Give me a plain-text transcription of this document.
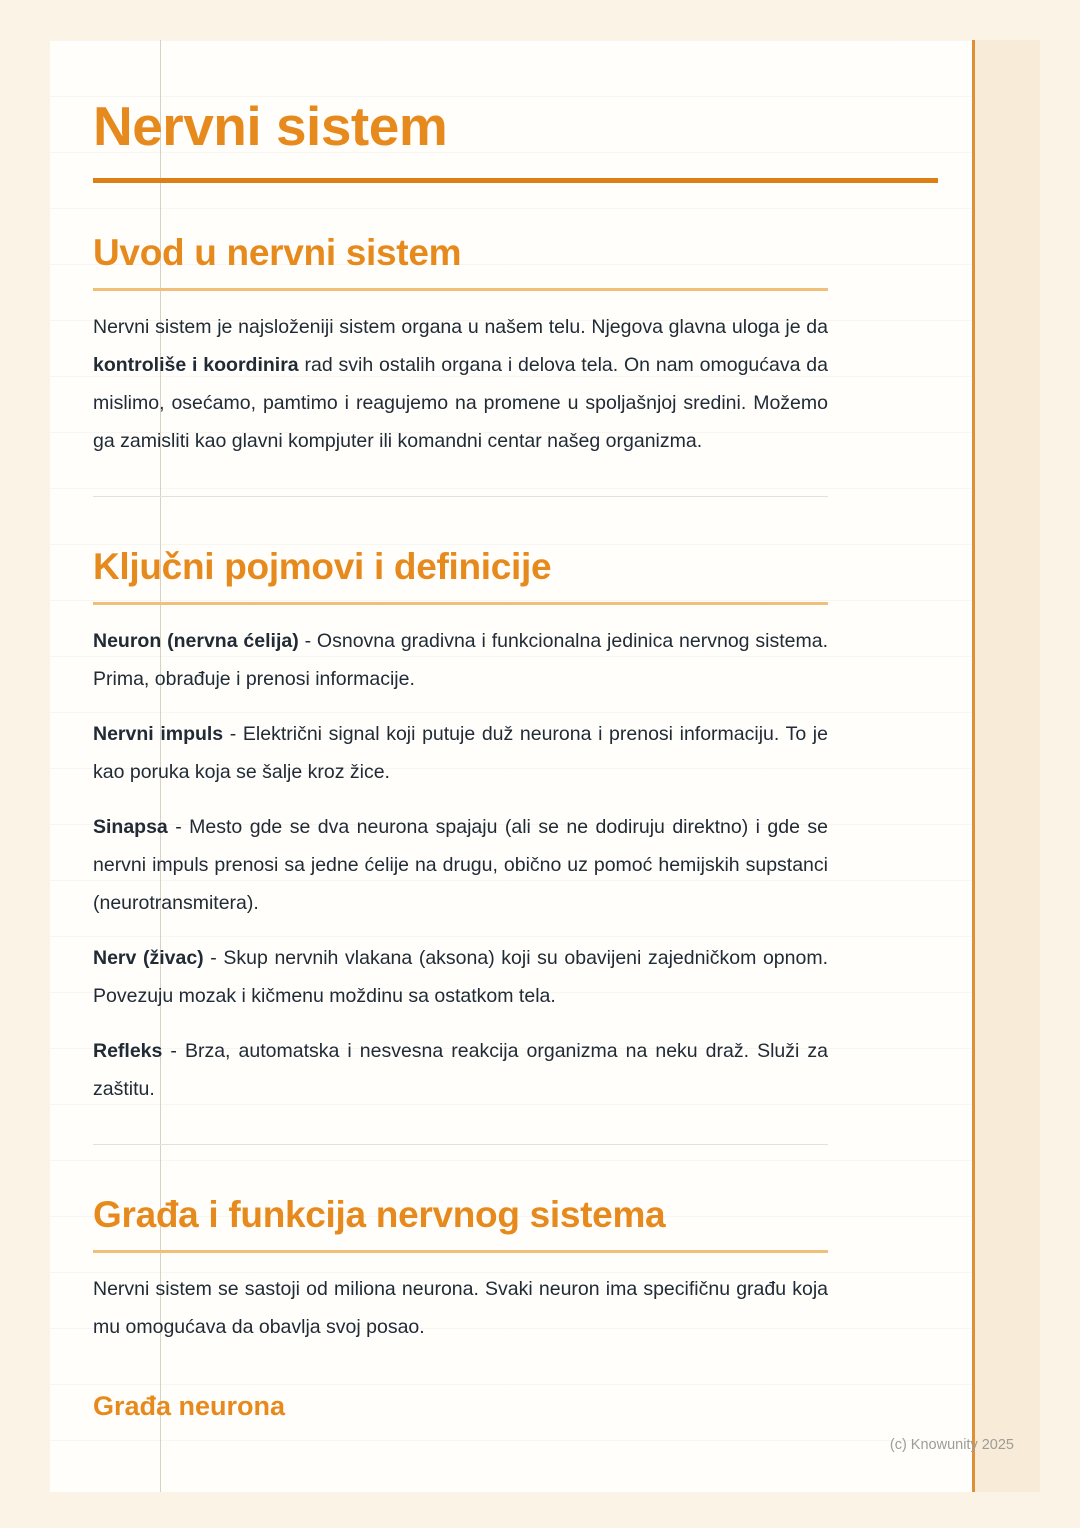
Nervni sistem
Uvod u nervni sistem

Nervni sistem je najsloženiji sistem organa u našem telu. Njegova glavna uloga je da kontroliše i koordinira rad svih ostalih organa i delova tela. On nam omogućava da mislimo, osećamo, pamtimo i reagujemo na promene u spoljašnjoj sredini. Možemo ga zamisliti kao glavni kompjuter ili komandni centar našeg organizma.

Ključni pojmovi i definicije

Neuron (nervna ćelija) - Osnovna gradivna i funkcionalna jedinica nervnog sistema. Prima, obrađuje i prenosi informacije.

Nervni impuls - Električni signal koji putuje duž neurona i prenosi informaciju. To je kao poruka koja se šalje kroz žice.

Sinapsa - Mesto gde se dva neurona spajaju (ali se ne dodiruju direktno) i gde se nervni impuls prenosi sa jedne ćelije na drugu, obično uz pomoć hemijskih supstanci (neurotransmitera).

Nerv (živac) - Skup nervnih vlakana (aksona) koji su obavijeni zajedničkom opnom. Povezuju mozak i kičmenu moždinu sa ostatkom tela.

Refleks - Brza, automatska i nesvesna reakcija organizma na neku draž. Služi za zaštitu.

Građa i funkcija nervnog sistema

Nervni sistem se sastoji od miliona neurona. Svaki neuron ima specifičnu građu koja mu omogućava da obavlja svoj posao.

Građa neurona
(c) Knowunity 2025
